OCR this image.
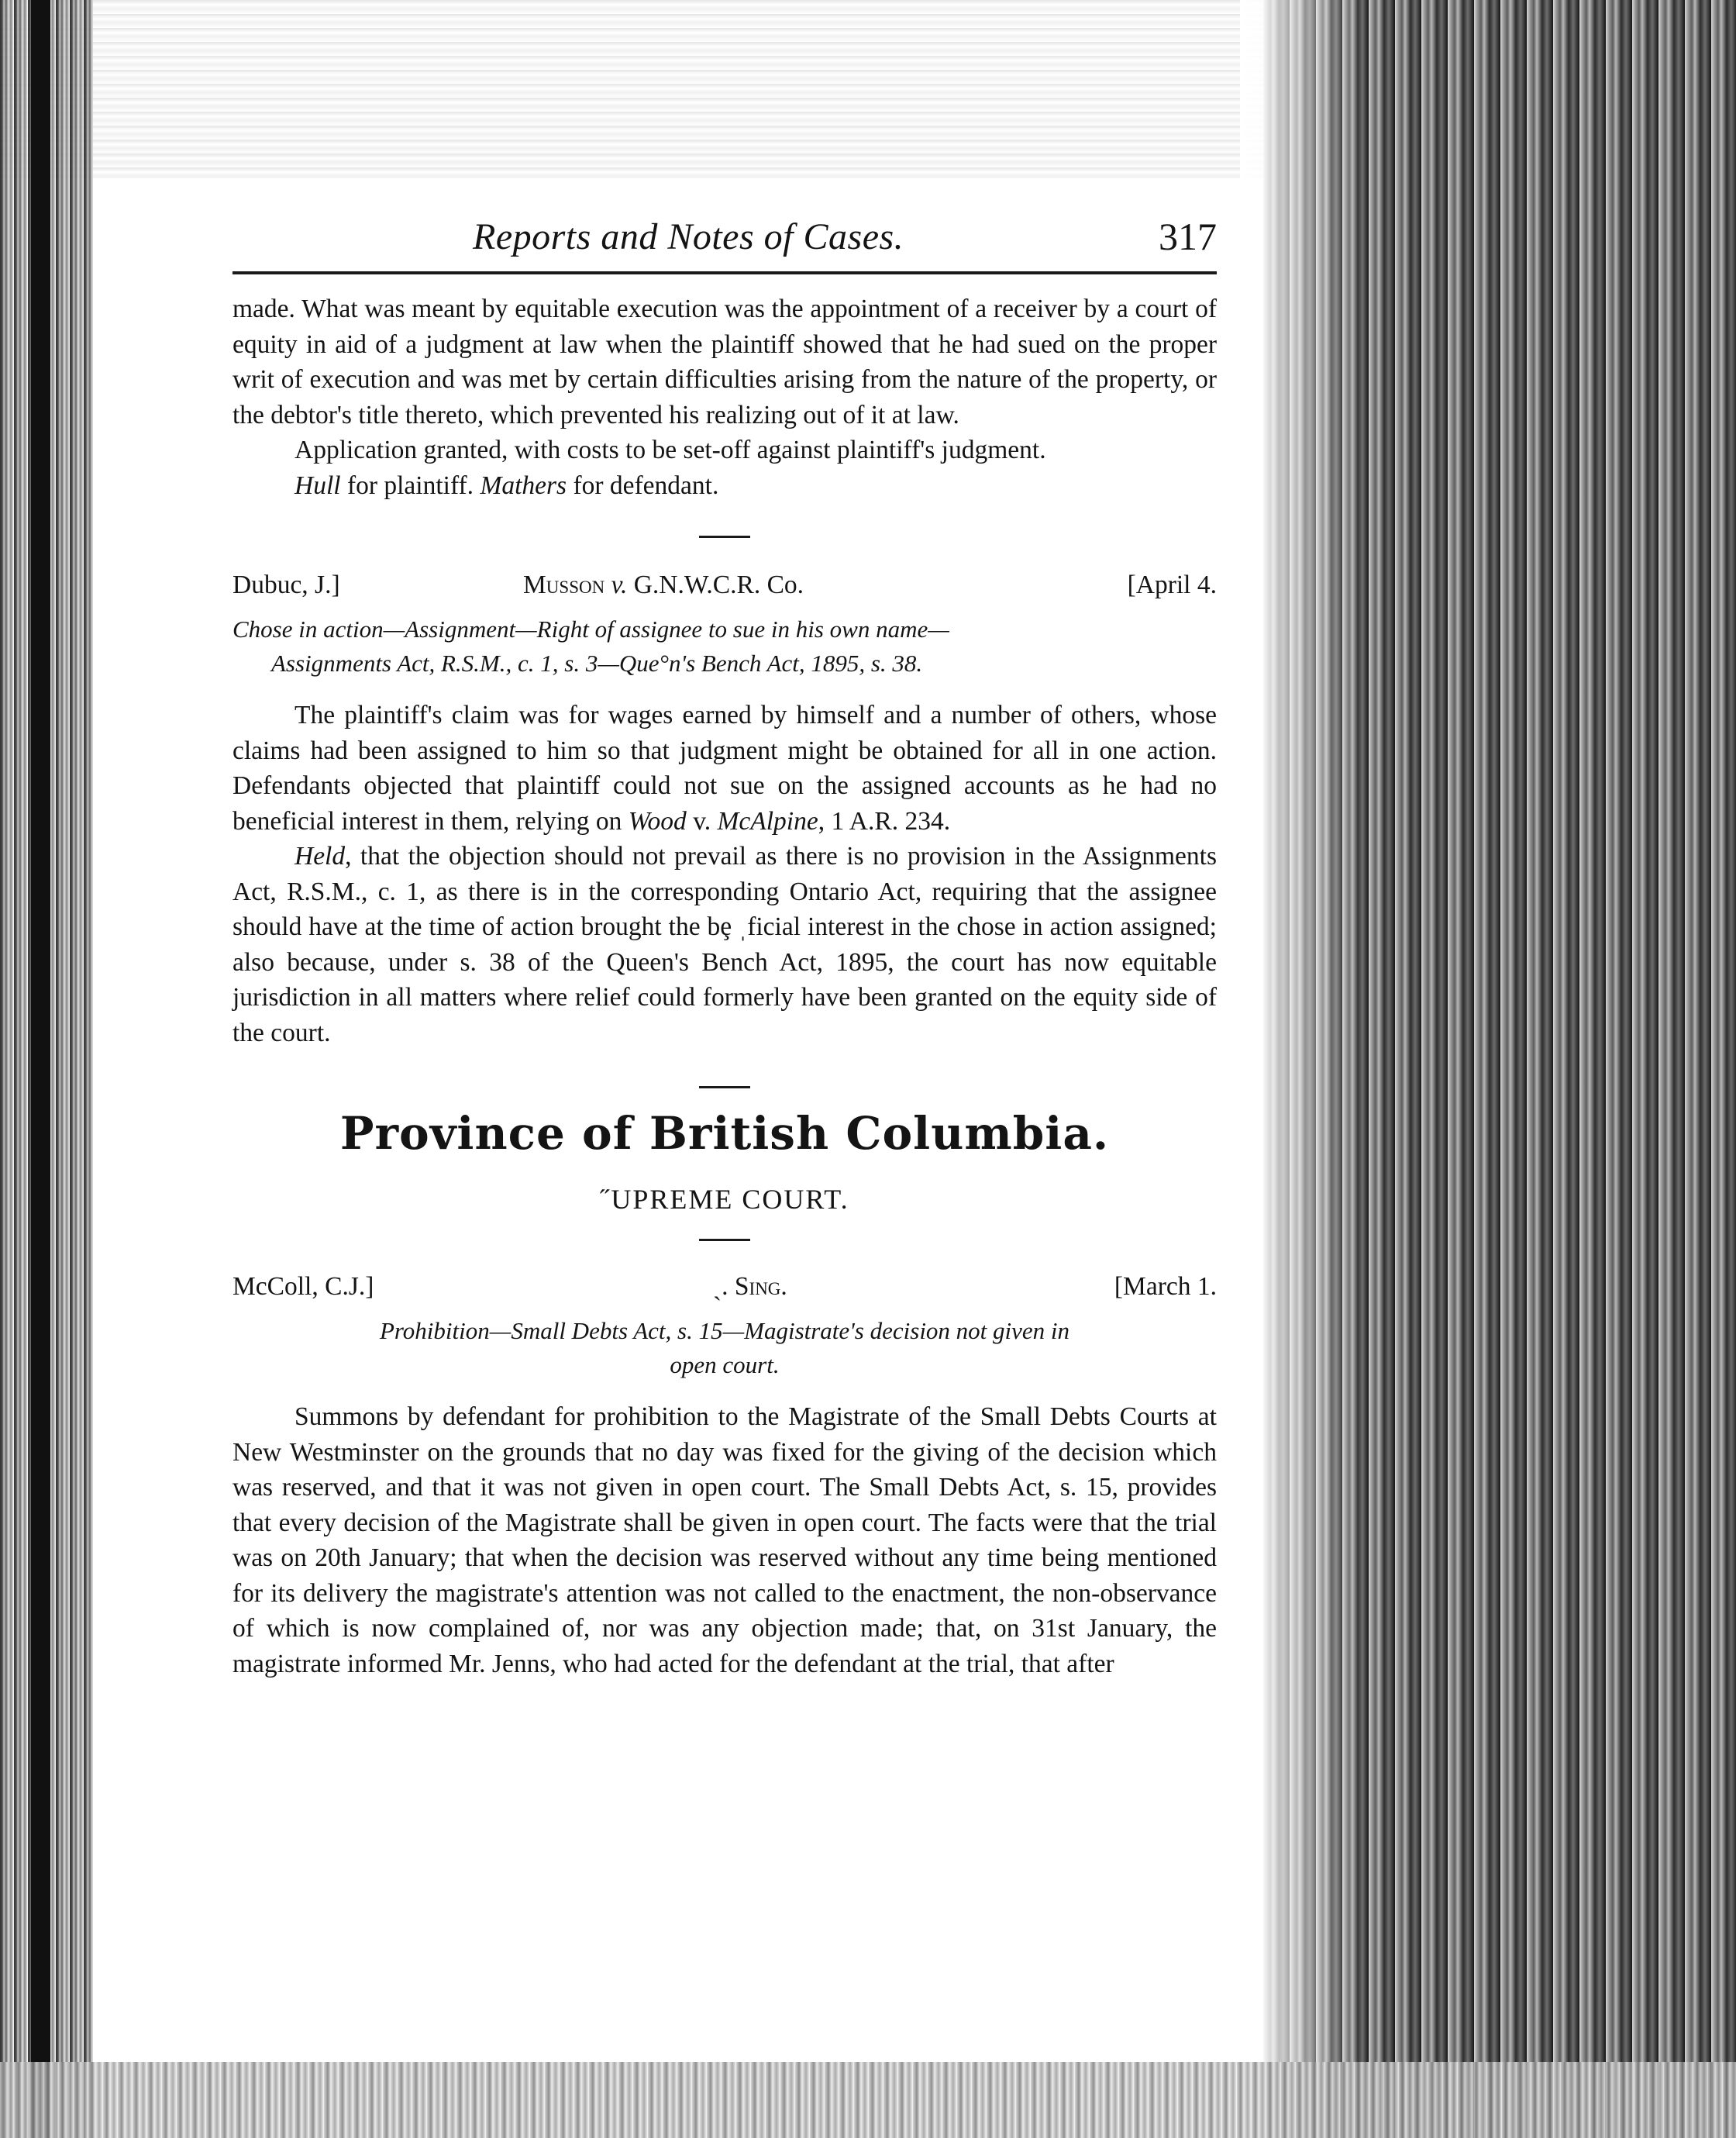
Reports and Notes of Cases.	317

made. What was meant by equitable execution was the appointment of a receiver by a court of equity in aid of a judgment at law when the plaintiff showed that he had sued on the proper writ of execution and was met by certain difficulties arising from the nature of the property, or the debtor's title thereto, which prevented his realizing out of it at law.

Application granted, with costs to be set-off against plaintiff's judgment.

Hull for plaintiff. Mathers for defendant.

Dubuc, J.]	Musson v. G.N.W.C.R. Co.	[April 4.

Chose in action—Assignment—Right of assignee to sue in his own name—

Assignments Act, R.S.M., c. 1, s. 3—Que°n's Bench Act, 1895, s. 38.

The plaintiff's claim was for wages earned by himself and a number of others, whose claims had been assigned to him so that judgment might be obtained for all in one action. Defendants objected that plaintiff could not sue on the assigned accounts as he had no beneficial interest in them, relying on Wood v. McAlpine, 1 A.R. 234.

Held, that the objection should not prevail as there is no provision in the Assignments Act, R.S.M., c. 1, as there is in the corresponding Ontario Act, requiring that the assignee should have at the time of action brought the bȩ ˌficial interest in the chose in action assigned; also because, under s. 38 of the Queen's Bench Act, 1895, the court has now equitable jurisdiction in all matters where relief could formerly have been granted on the equity side of the court.

Province of British Columbia.
˝UPREME COURT.
McColl, C.J.]	ˏ. Sing.	[March 1.

Prohibition—Small Debts Act, s. 15—Magistrate's decision not given in

open court.

Summons by defendant for prohibition to the Magistrate of the Small Debts Courts at New Westminster on the grounds that no day was fixed for the giving of the decision which was reserved, and that it was not given in open court. The Small Debts Act, s. 15, provides that every decision of the Magistrate shall be given in open court. The facts were that the trial was on 20th January; that when the decision was reserved without any time being mentioned for its delivery the magistrate's attention was not called to the enactment, the non-observance of which is now complained of, nor was any objection made; that, on 31st January, the magistrate informed Mr. Jenns, who had acted for the defendant at the trial, that after
